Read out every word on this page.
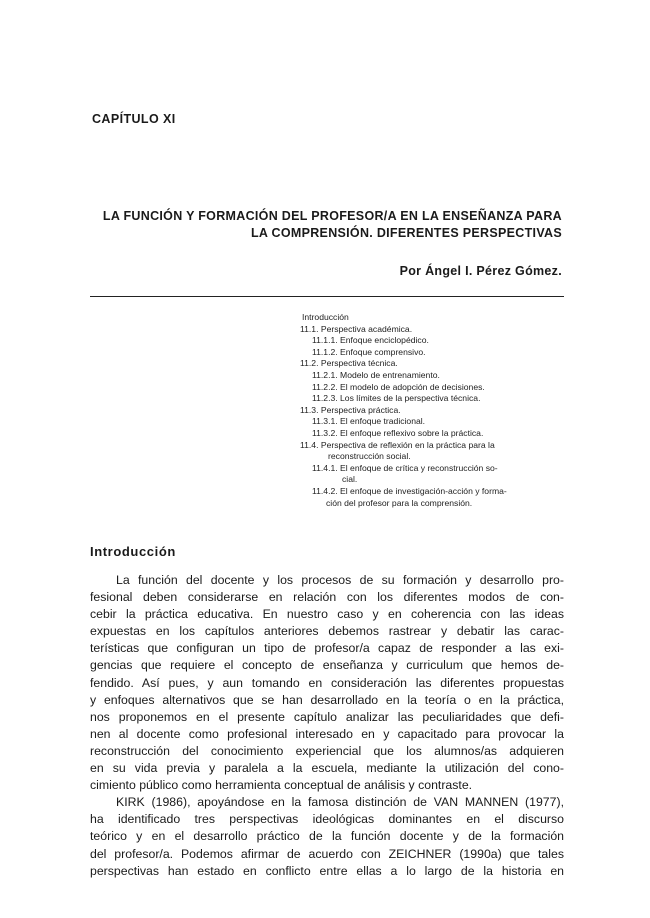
CAPÍTULO XI
LA FUNCIÓN Y FORMACIÓN DEL PROFESOR/A EN LA ENSEÑANZA PARA
LA COMPRENSIÓN. DIFERENTES PERSPECTIVAS
Por Ángel I. Pérez Gómez.
Introducción
11.1. Perspectiva académica.
11.1.1. Enfoque enciclopédico.
11.1.2. Enfoque comprensivo.
11.2. Perspectiva técnica.
11.2.1. Modelo de entrenamiento.
11.2.2. El modelo de adopción de decisiones.
11.2.3. Los límites de la perspectiva técnica.
11.3. Perspectiva práctica.
11.3.1. El enfoque tradicional.
11.3.2. El enfoque reflexivo sobre la práctica.
11.4. Perspectiva de reflexión en la práctica para la
reconstrucción social.
11.4.1. El enfoque de crítica y reconstrucción so-
cial.
11.4.2. El enfoque de investigación-acción y forma-
ción del profesor para la comprensión.
Introducción
La función del docente y los procesos de su formación y desarrollo pro-
fesional deben considerarse en relación con los diferentes modos de con-
cebir la práctica educativa. En nuestro caso y en coherencia con las ideas
expuestas en los capítulos anteriores debemos rastrear y debatir las carac-
terísticas que configuran un tipo de profesor/a capaz de responder a las exi-
gencias que requiere el concepto de enseñanza y curriculum que hemos de-
fendido. Así pues, y aun tomando en consideración las diferentes propuestas
y enfoques alternativos que se han desarrollado en la teoría o en la práctica,
nos proponemos en el presente capítulo analizar las peculiaridades que defi-
nen al docente como profesional interesado en y capacitado para provocar la
reconstrucción del conocimiento experiencial que los alumnos/as adquieren
en su vida previa y paralela a la escuela, mediante la utilización del cono-
cimiento público como herramienta conceptual de análisis y contraste.
KIRK (1986), apoyándose en la famosa distinción de VAN MANNEN (1977),
ha identificado tres perspectivas ideológicas dominantes en el discurso
teórico y en el desarrollo práctico de la función docente y de la formación
del profesor/a. Podemos afirmar de acuerdo con ZEICHNER (1990a) que tales
perspectivas han estado en conflicto entre ellas a lo largo de la historia en
